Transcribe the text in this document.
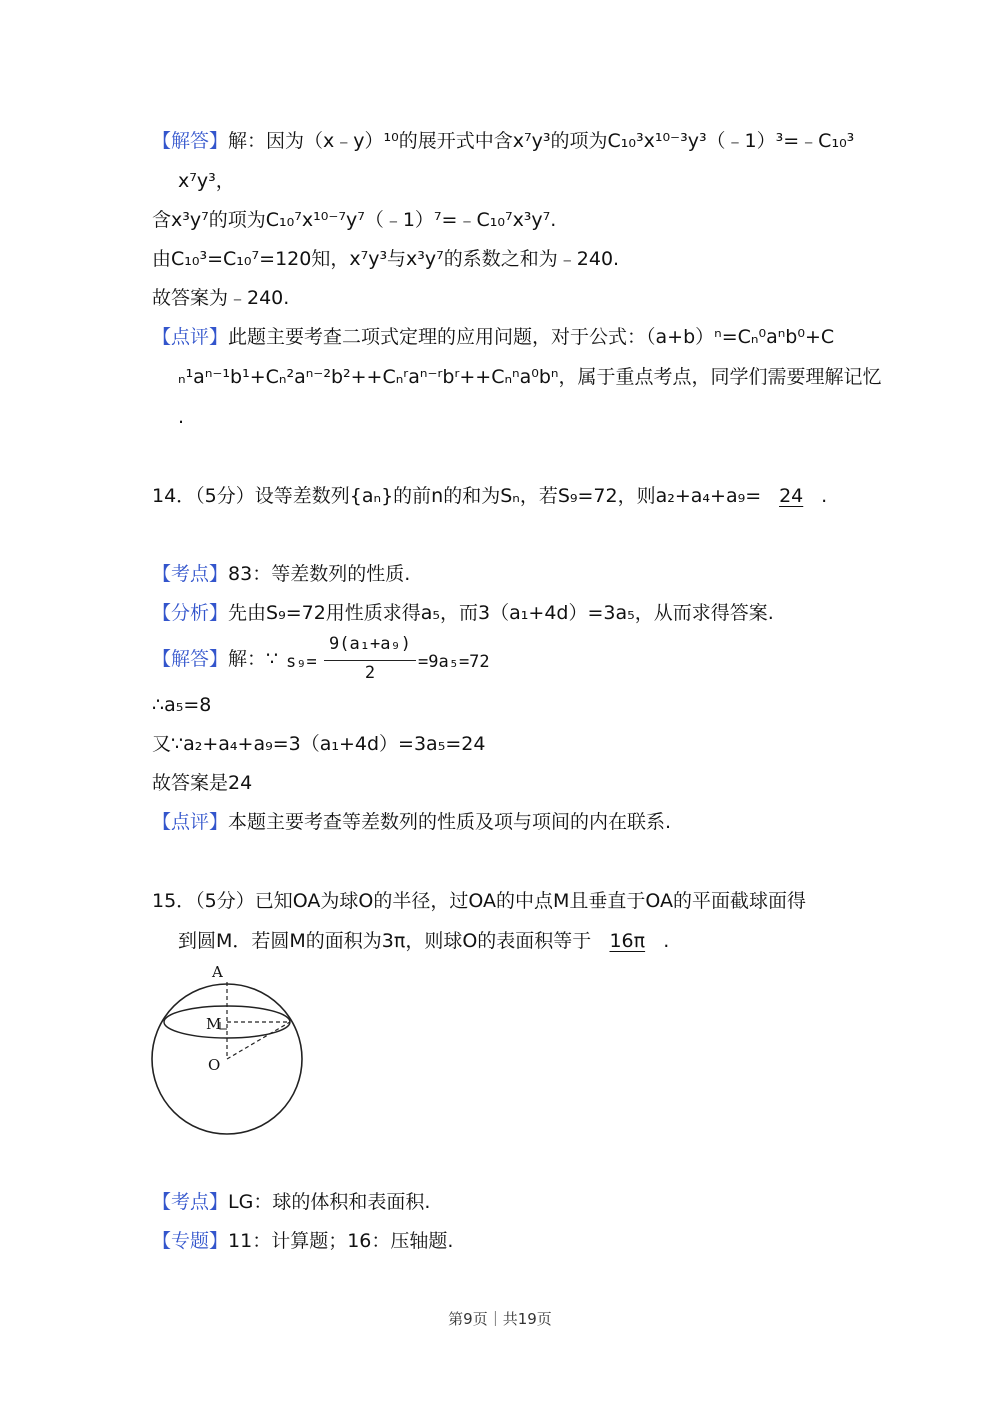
【解答】解：因为（x﹣y）¹⁰的展开式中含x⁷y³的项为C₁₀³x¹⁰⁻³y³（﹣1）³=﹣C₁₀³
x⁷y³，
含x³y⁷的项为C₁₀⁷x¹⁰⁻⁷y⁷（﹣1）⁷=﹣C₁₀⁷x³y⁷.
由C₁₀³=C₁₀⁷=120知，x⁷y³与x³y⁷的系数之和为﹣240.
故答案为﹣240.
【点评】此题主要考查二项式定理的应用问题，对于公式：（a+b）ⁿ=Cₙ⁰aⁿb⁰+C
ₙ¹aⁿ⁻¹b¹+Cₙ²aⁿ⁻²b²++Cₙʳaⁿ⁻ʳbʳ++Cₙⁿa⁰bⁿ，属于重点考点，同学们需要理解记忆
.
14．（5分）设等差数列{aₙ}的前n的和为Sₙ，若S₉=72，则a₂+a₄+a₉= 24 .
【考点】83：等差数列的性质.
【分析】先由S₉=72用性质求得a₅，而3（a₁+4d）=3a₅，从而求得答案.
【解答】解：∵ s₉=
9(a₁+a₉)
2
=9a₅=72
∴a₅=8
又∵a₂+a₄+a₉=3（a₁+4d）=3a₅=24
故答案是24
【点评】本题主要考查等差数列的性质及项与项间的内在联系.
15．（5分）已知OA为球O的半径，过OA的中点M且垂直于OA的平面截球面得
到圆M．若圆M的面积为3π，则球O的表面积等于 16π .
A
M
O
【考点】LG：球的体积和表面积.
【专题】11：计算题；16：压轴题.
第9页｜共19页
